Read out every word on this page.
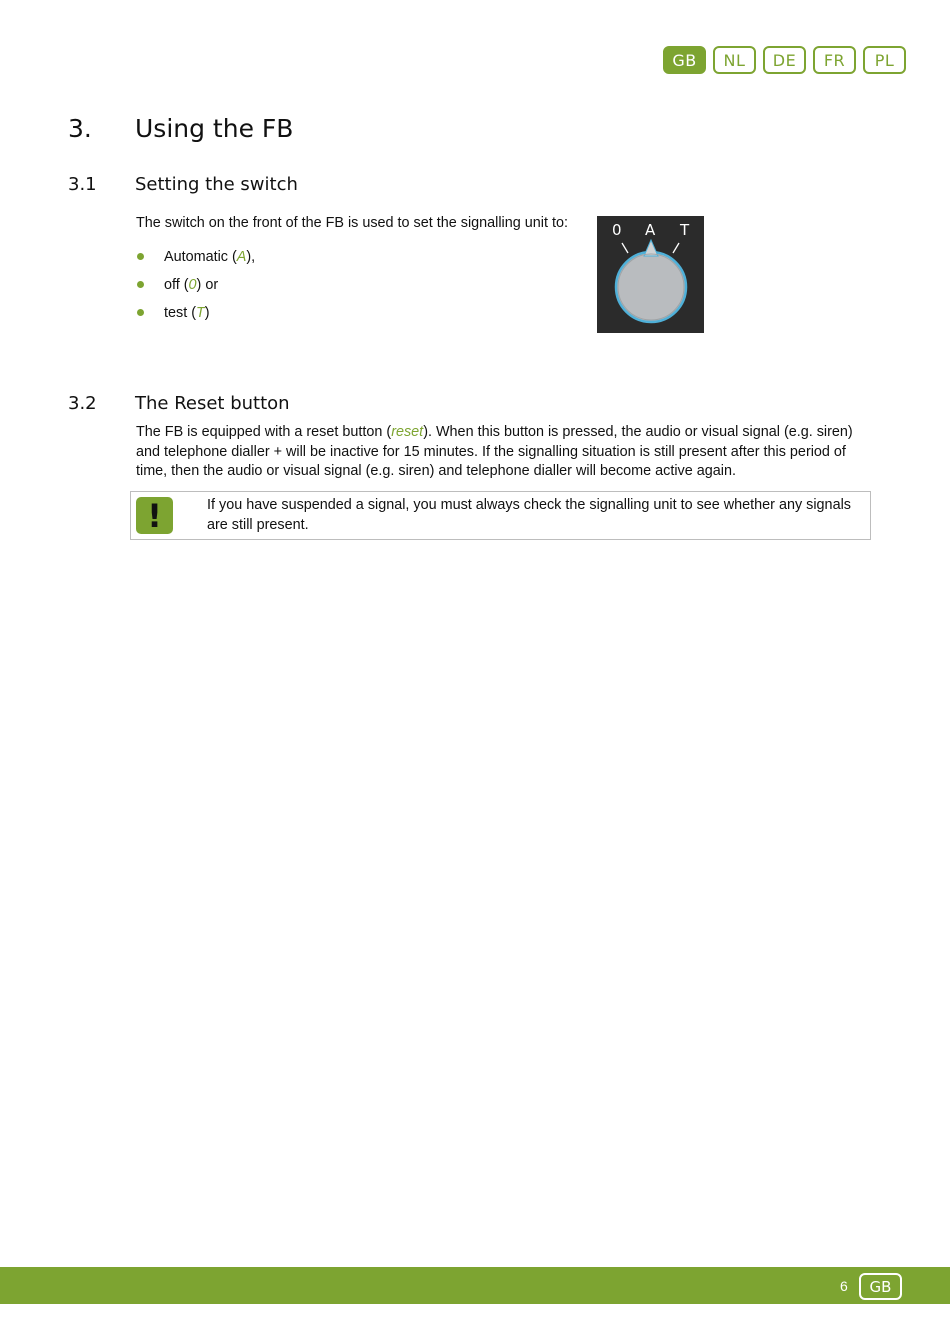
GB	NL	DE	FR	PL
3. Using the FB
3.1 Setting the switch
The switch on the front of the FB is used to set the signalling unit to:
Automatic (A),
off (0) or
test (T)
0 A T
3.2 The Reset button
The FB is equipped with a reset button (reset). When this button is pressed, the audio or visual signal (e.g. siren) and telephone dialler + will be inactive for 15 minutes. If the signalling situation is still present after this period of time, then the audio or visual signal (e.g. siren) and telephone dialler will become active again.
!	If you have suspended a signal, you must always check the signalling unit to see whether any signals are still present.
6	GB
